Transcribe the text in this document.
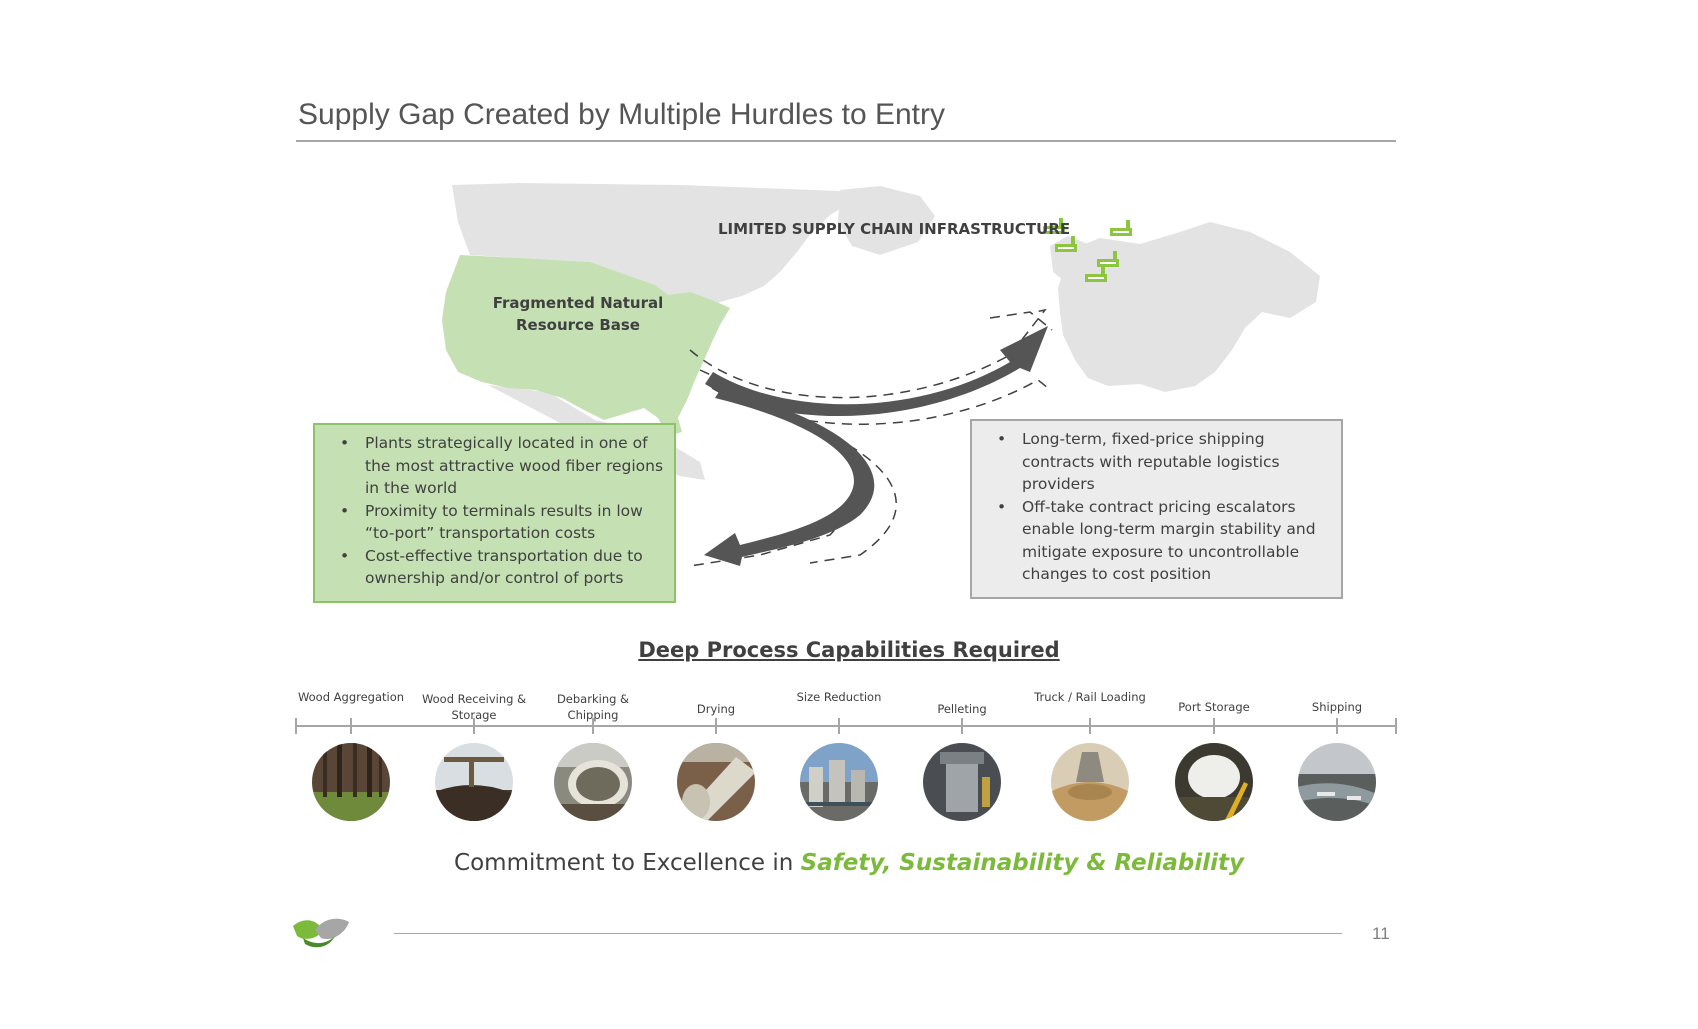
Supply Gap Created by Multiple Hurdles to Entry
LIMITED SUPPLY CHAIN INFRASTRUCTURE
Fragmented Natural Resource Base
• Plants strategically located in one of the most attractive wood fiber regions in the world
• Proximity to terminals results in low “to-port” transportation costs
• Cost-effective transportation due to ownership and/or control of ports
• Long-term, fixed-price shipping contracts with reputable logistics providers
• Off-take contract pricing escalators enable long-term margin stability and mitigate exposure to uncontrollable changes to cost position
Deep Process Capabilities Required
Wood Aggregation	Wood Receiving & Storage
Debarking & Chipping	Drying
Size Reduction
Pelleting
Truck / Rail Loading
Port Storage	Shipping
Commitment to Excellence in Safety, Sustainability & Reliability
11
